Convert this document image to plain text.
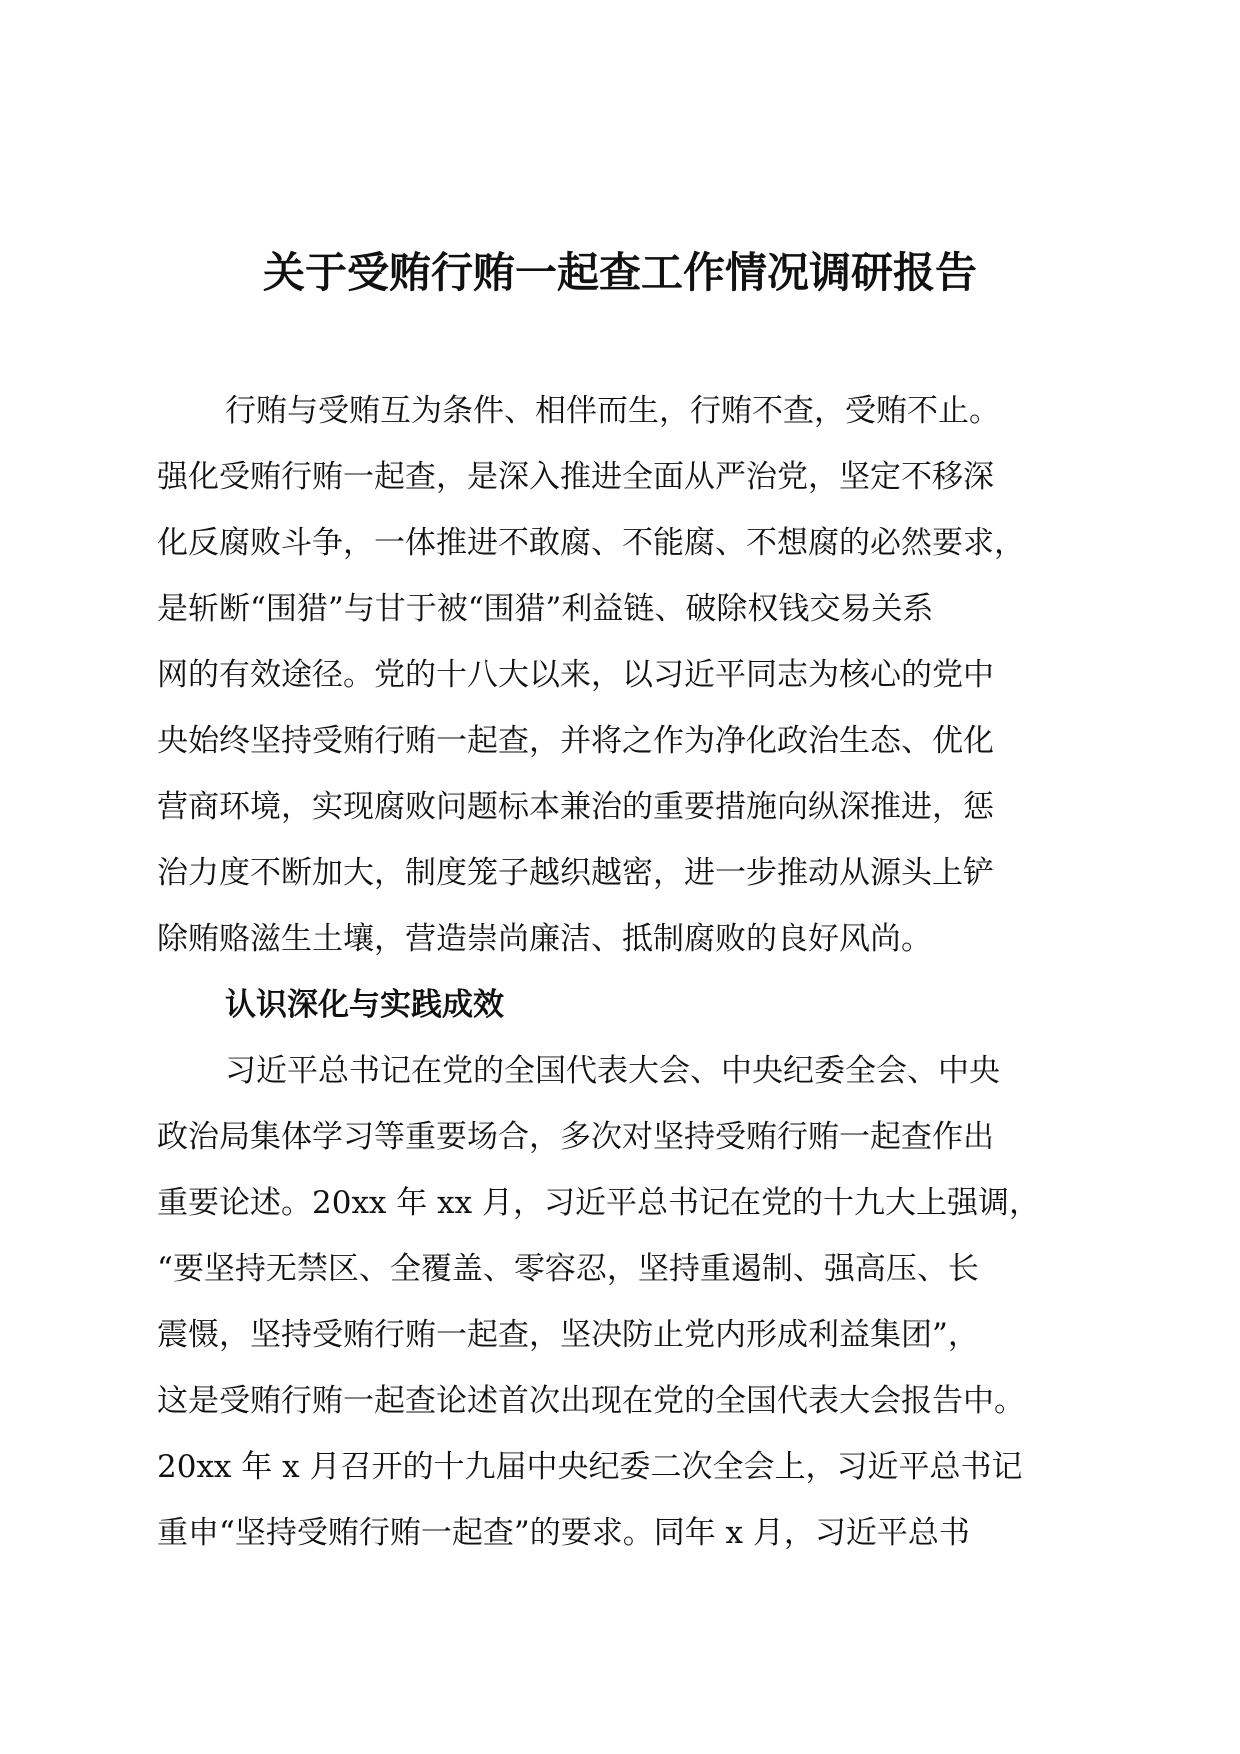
关于受贿行贿一起查工作情况调研报告

行贿与受贿互为条件、相伴而生，行贿不查，受贿不止。

强化受贿行贿一起查，是深入推进全面从严治党，坚定不移深

化反腐败斗争，一体推进不敢腐、不能腐、不想腐的必然要求，

是斩断“围猎”与甘于被“围猎”利益链、破除权钱交易关系

网的有效途径。党的十八大以来，以习近平同志为核心的党中

央始终坚持受贿行贿一起查，并将之作为净化政治生态、优化

营商环境，实现腐败问题标本兼治的重要措施向纵深推进，惩

治力度不断加大，制度笼子越织越密，进一步推动从源头上铲

除贿赂滋生土壤，营造崇尚廉洁、抵制腐败的良好风尚。

认识深化与实践成效

习近平总书记在党的全国代表大会、中央纪委全会、中央

政治局集体学习等重要场合，多次对坚持受贿行贿一起查作出

重要论述。20xx 年 xx 月，习近平总书记在党的十九大上强调，

“要坚持无禁区、全覆盖、零容忍，坚持重遏制、强高压、长

震慑，坚持受贿行贿一起查，坚决防止党内形成利益集团”，

这是受贿行贿一起查论述首次出现在党的全国代表大会报告中。

20xx 年 x 月召开的十九届中央纪委二次全会上，习近平总书记

重申“坚持受贿行贿一起查”的要求。同年 x 月，习近平总书
